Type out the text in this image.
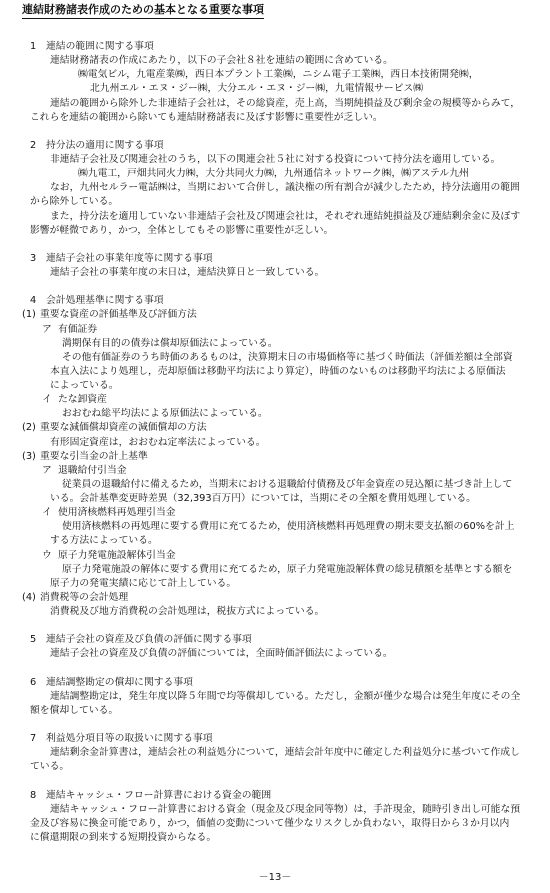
連結財務諸表作成のための基本となる重要な事項
1 連結の範囲に関する事項
連結財務諸表の作成にあたり，以下の子会社８社を連結の範囲に含めている。
㈱電気ビル，九電産業㈱，西日本プラント工業㈱，ニシム電子工業㈱，西日本技術開発㈱，
北九州エル・エヌ・ジー㈱，大分エル・エヌ・ジー㈱，九電情報サービス㈱
連結の範囲から除外した非連結子会社は，その総資産，売上高，当期純損益及び剰余金の規模等からみて，
これらを連結の範囲から除いても連結財務諸表に及ぼす影響に重要性が乏しい。
2 持分法の適用に関する事項
非連結子会社及び関連会社のうち，以下の関連会社５社に対する投資について持分法を適用している。
㈱九電工，戸畑共同火力㈱，大分共同火力㈱，九州通信ネットワーク㈱，㈱アステル九州
なお，九州セルラー電話㈱は，当期において合併し，議決権の所有割合が減少したため，持分法適用の範囲
から除外している。
また，持分法を適用していない非連結子会社及び関連会社は，それぞれ連結純損益及び連結剰余金に及ぼす
影響が軽微であり，かつ，全体としてもその影響に重要性が乏しい。
3 連結子会社の事業年度等に関する事項
連結子会社の事業年度の末日は，連結決算日と一致している。
4 会計処理基準に関する事項
(1) 重要な資産の評価基準及び評価方法
ア 有価証券
満期保有目的の債券は償却原価法によっている。
その他有価証券のうち時価のあるものは，決算期末日の市場価格等に基づく時価法（評価差額は全部資
本直入法により処理し，売却原価は移動平均法により算定），時価のないものは移動平均法による原価法
によっている。
イ たな卸資産
おおむね総平均法による原価法によっている。
(2) 重要な減価償却資産の減価償却の方法
有形固定資産は，おおむね定率法によっている。
(3) 重要な引当金の計上基準
ア 退職給付引当金
従業員の退職給付に備えるため，当期末における退職給付債務及び年金資産の見込額に基づき計上して
いる。会計基準変更時差異（32,393百万円）については，当期にその全額を費用処理している。
イ 使用済核燃料再処理引当金
使用済核燃料の再処理に要する費用に充てるため，使用済核燃料再処理費の期末要支払額の60%を計上
する方法によっている。
ウ 原子力発電施設解体引当金
原子力発電施設の解体に要する費用に充てるため，原子力発電施設解体費の総見積額を基準とする額を
原子力の発電実績に応じて計上している。
(4) 消費税等の会計処理
消費税及び地方消費税の会計処理は，税抜方式によっている。
5 連結子会社の資産及び負債の評価に関する事項
連結子会社の資産及び負債の評価については，全面時価評価法によっている。
6 連結調整勘定の償却に関する事項
連結調整勘定は，発生年度以降５年間で均等償却している。ただし，金額が僅少な場合は発生年度にその全
額を償却している。
7 利益処分項目等の取扱いに関する事項
連結剰余金計算書は，連結会社の利益処分について，連結会計年度中に確定した利益処分に基づいて作成し
ている。
8 連結キャッシュ・フロー計算書における資金の範囲
連結キャッシュ・フロー計算書における資金（現金及び現金同等物）は，手許現金，随時引き出し可能な預
金及び容易に換金可能であり，かつ，価値の変動について僅少なリスクしか負わない，取得日から３か月以内
に償還期限の到来する短期投資からなる。
－13－
